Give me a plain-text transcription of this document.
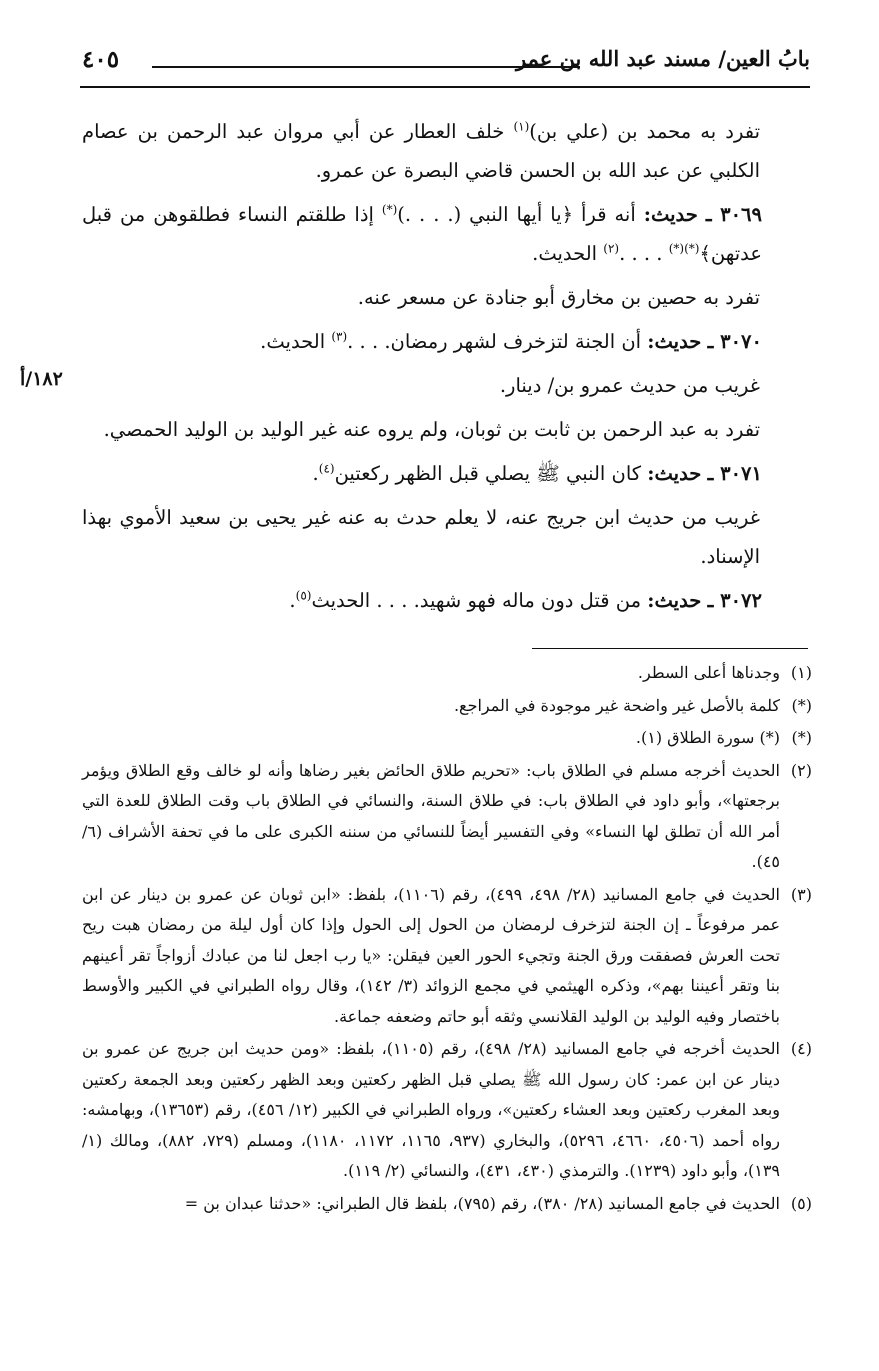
بابُ العين/ مسند عبد الله بن عمر
٤٠٥
١٨٢/أ

تفرد به محمد بن (علي بن)$^{(١)}$ خلف العطار عن أبي مروان عبد الرحمن بن عصام الكلبي عن عبد الله بن الحسن قاضي البصرة عن عمرو.

٣٠٦٩ ـ حديث: أنه قرأ ﴿يا أيها النبي (. . . .)(*) إذا طلقتم النساء فطلقوهن من قبل عدتهن﴾(*)(*) . . . .$^{(٢)}$ الحديث.

تفرد به حصين بن مخارق أبو جنادة عن مسعر عنه.

٣٠٧٠ ـ حديث: أن الجنة لتزخرف لشهر رمضان. . . .$^{(٣)}$ الحديث.

غريب من حديث عمرو بن/ دينار.

تفرد به عبد الرحمن بن ثابت بن ثوبان، ولم يروه عنه غير الوليد بن الوليد الحمصي.

٣٠٧١ ـ حديث: كان النبي ﷺ يصلي قبل الظهر ركعتين$^{(٤)}$.

غريب من حديث ابن جريج عنه، لا يعلم حدث به عنه غير يحيى بن سعيد الأموي بهذا الإسناد.

٣٠٧٢ ـ حديث: من قتل دون ماله فهو شهيد. . . . الحديث$^{(٥)}$.

(١)
وجدناها أعلى السطر.
(*)
كلمة بالأصل غير واضحة غير موجودة في المراجع.
(*)
(*) سورة الطلاق (١).
(٢)
الحديث أخرجه مسلم في الطلاق باب: «تحريم طلاق الحائض بغير رضاها وأنه لو خالف وقع الطلاق ويؤمر برجعتها»، وأبو داود في الطلاق باب: في طلاق السنة، والنسائي في الطلاق باب وقت الطلاق للعدة التي أمر الله أن تطلق لها النساء» وفي التفسير أيضاً للنسائي من سننه الكبرى على ما في تحفة الأشراف (٦/ ٤٥).
(٣)
الحديث في جامع المسانيد (٢٨/ ٤٩٨، ٤٩٩)، رقم (١١٠٦)، بلفظ: «ابن ثوبان عن عمرو بن دينار عن ابن عمر مرفوعاً ـ إن الجنة لتزخرف لرمضان من الحول إلى الحول وإذا كان أول ليلة من رمضان هبت ريح تحت العرش فصفقت ورق الجنة وتجيء الحور العين فيقلن: «يا رب اجعل لنا من عبادك أزواجاً تقر أعينهم بنا وتقر أعيننا بهم»، وذكره الهيثمي في مجمع الزوائد (٣/ ١٤٢)، وقال رواه الطبراني في الكبير والأوسط باختصار وفيه الوليد بن الوليد القلانسي وثقه أبو حاتم وضعفه جماعة.
(٤)
الحديث أخرجه في جامع المسانيد (٢٨/ ٤٩٨)، رقم (١١٠٥)، بلفظ: «ومن حديث ابن جريج عن عمرو بن دينار عن ابن عمر: كان رسول الله ﷺ يصلي قبل الظهر ركعتين وبعد الظهر ركعتين وبعد الجمعة ركعتين وبعد المغرب ركعتين وبعد العشاء ركعتين»، ورواه الطبراني في الكبير (١٢/ ٤٥٦)، رقم (١٣٦٥٣)، وبهامشه: رواه أحمد (٤٥٠٦، ٤٦٦٠، ٥٢٩٦)، والبخاري (٩٣٧، ١١٦٥، ١١٧٢، ١١٨٠)، ومسلم (٧٢٩، ٨٨٢)، ومالك (١/ ١٣٩)، وأبو داود (١٢٣٩). والترمذي (٤٣٠، ٤٣١)، والنسائي (٢/ ١١٩).
(٥)
الحديث في جامع المسانيد (٢٨/ ٣٨٠)، رقم (٧٩٥)، بلفظ قال الطبراني: «حدثنا عبدان بن =
